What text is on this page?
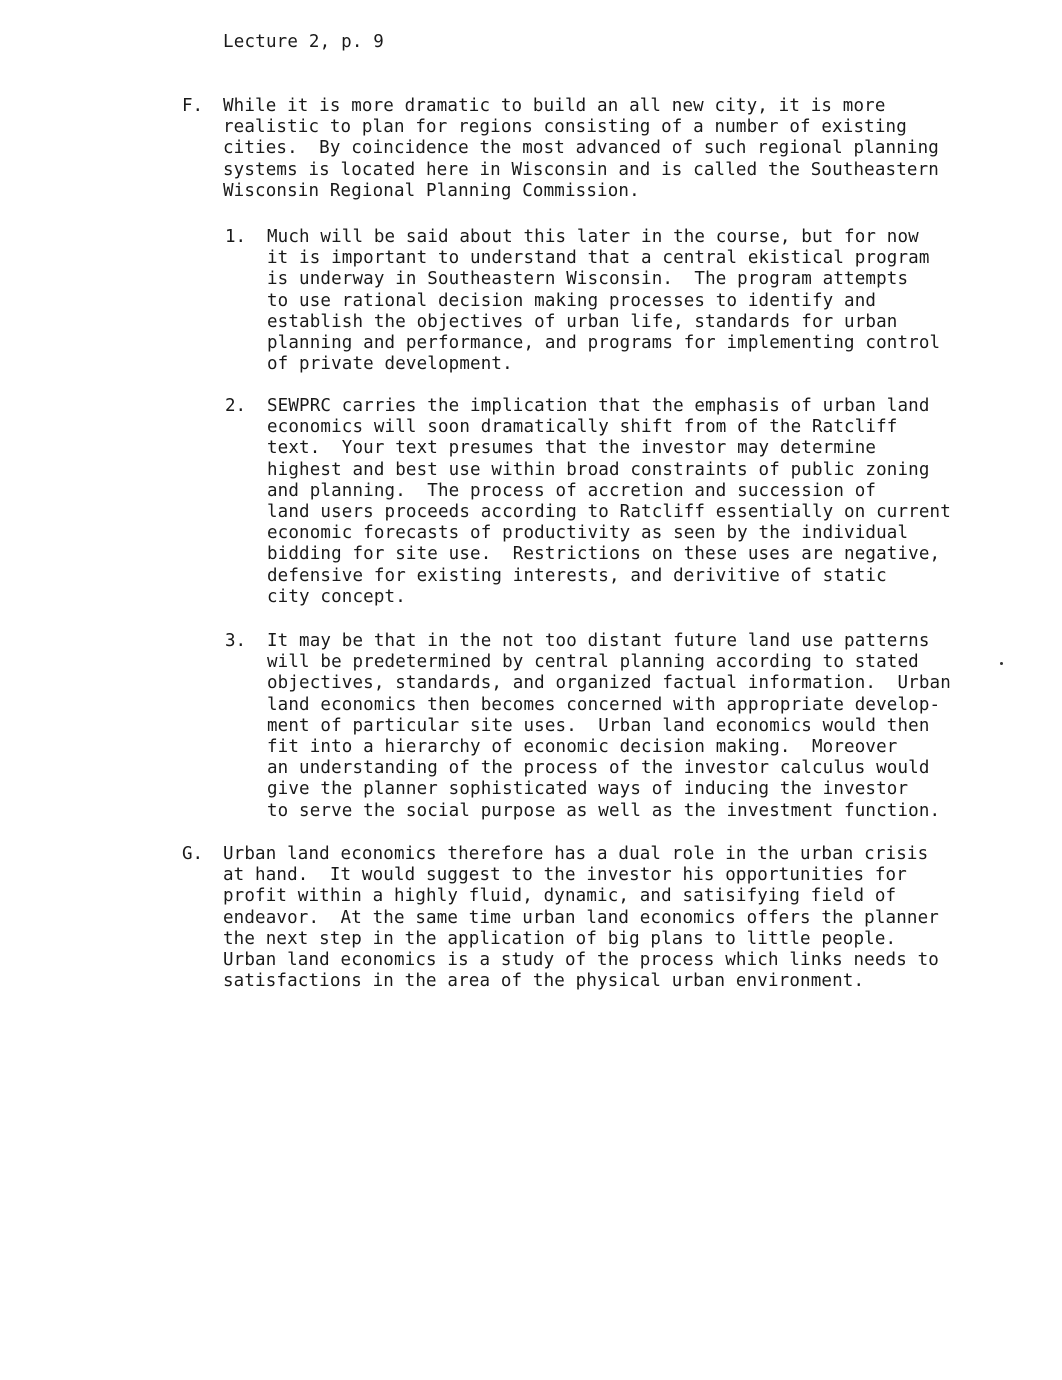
Lecture 2, p. 9
F. While it is more dramatic to build an all new city, it is more
realistic to plan for regions consisting of a number of existing
cities.  By coincidence the most advanced of such regional planning
systems is located here in Wisconsin and is called the Southeastern
Wisconsin Regional Planning Commission.
1. Much will be said about this later in the course, but for now
it is important to understand that a central ekistical program
is underway in Southeastern Wisconsin.  The program attempts
to use rational decision making processes to identify and
establish the objectives of urban life, standards for urban
planning and performance, and programs for implementing control
of private development.
2. SEWPRC carries the implication that the emphasis of urban land
economics will soon dramatically shift from of the Ratcliff
text.  Your text presumes that the investor may determine
highest and best use within broad constraints of public zoning
and planning.  The process of accretion and succession of
land users proceeds according to Ratcliff essentially on current
economic forecasts of productivity as seen by the individual
bidding for site use.  Restrictions on these uses are negative,
defensive for existing interests, and derivitive of static
city concept.
3. It may be that in the not too distant future land use patterns
will be predetermined by central planning according to stated
objectives, standards, and organized factual information.  Urban
land economics then becomes concerned with appropriate develop-
ment of particular site uses.  Urban land economics would then
fit into a hierarchy of economic decision making.  Moreover
an understanding of the process of the investor calculus would
give the planner sophisticated ways of inducing the investor
to serve the social purpose as well as the investment function.
G. Urban land economics therefore has a dual role in the urban crisis
at hand.  It would suggest to the investor his opportunities for
profit within a highly fluid, dynamic, and satisifying field of
endeavor.  At the same time urban land economics offers the planner
the next step in the application of big plans to little people.
Urban land economics is a study of the process which links needs to
satisfactions in the area of the physical urban environment.
